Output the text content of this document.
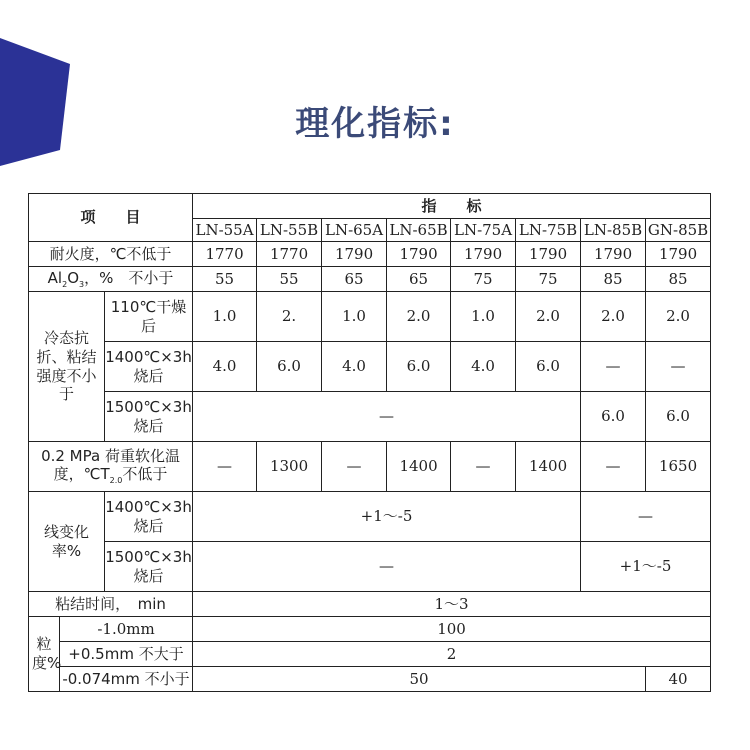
理化指标:
项　　目			指　　标							
			LN-55A	LN-55B	LN-65A	LN-65B	LN-75A	LN-75B	LN-85B	GN-85B
耐火度，℃不低于			1770	1770	1790	1790	1790	1790	1790	1790
$Al_2O_3$，%　不小于			55	55	65	65	75	75	85	85
冷态抗折、粘结强度不小于		110℃干燥后	1.0	2.	1.0	2.0	1.0	2.0	2.0	2.0
		1400℃×3h烧后	4.0	6.0	4.0	6.0	4.0	6.0	—	—
		1500℃×3h烧后	—						6.0	6.0
0.2 MPa 荷重软化温度，$℃T_{2.0}$不低于			—	1300	—	1400	—	1400	—	1650
线变化率%		1400℃×3h烧后	+1～-5						—	
		1500℃×3h烧后	—						+1～-5	
粘结时间，　min			1～3							
粒度%	-1.0mm		100							
	+0.5mm 不大于		2							
	-0.074mm 不小于		50							40
